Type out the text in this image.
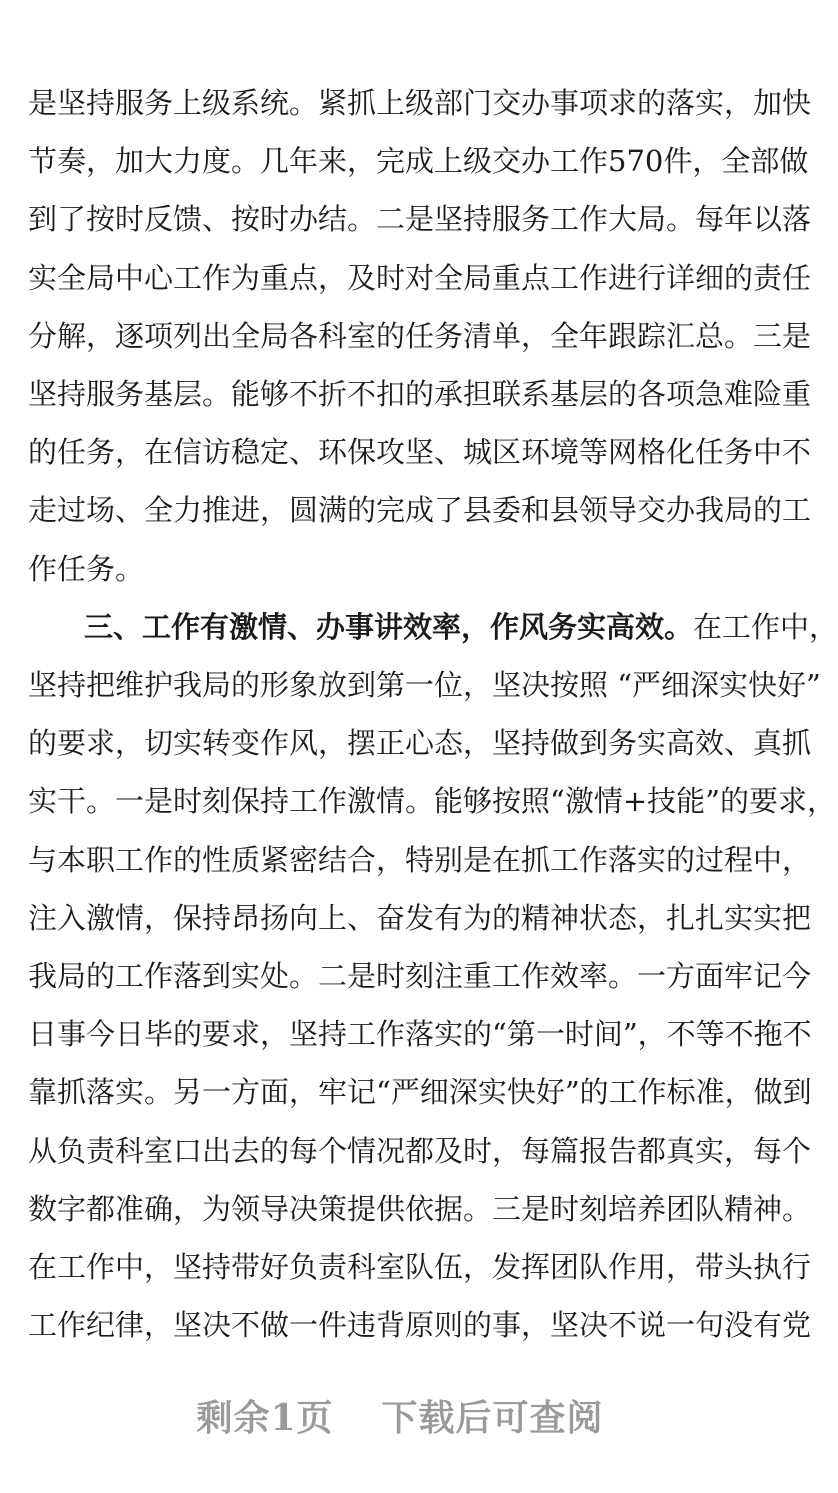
是坚持服务上级系统。紧抓上级部门交办事项求的落实，加快
节奏，加大力度。几年来，完成上级交办工作570件，全部做
到了按时反馈、按时办结。二是坚持服务工作大局。每年以落
实全局中心工作为重点，及时对全局重点工作进行详细的责任
分解，逐项列出全局各科室的任务清单，全年跟踪汇总。三是
坚持服务基层。能够不折不扣的承担联系基层的各项急难险重
的任务，在信访稳定、环保攻坚、城区环境等网格化任务中不
走过场、全力推进，圆满的完成了县委和县领导交办我局的工
作任务。
三、工作有激情、办事讲效率，作风务实高效。在工作中，
坚持把维护我局的形象放到第一位，坚决按照 “严细深实快好”
的要求，切实转变作风，摆正心态，坚持做到务实高效、真抓
实干。一是时刻保持工作激情。能够按照“激情+技能”的要求，
与本职工作的性质紧密结合，特别是在抓工作落实的过程中，
注入激情，保持昂扬向上、奋发有为的精神状态，扎扎实实把
我局的工作落到实处。二是时刻注重工作效率。一方面牢记今
日事今日毕的要求，坚持工作落实的“第一时间”，不等不拖不
靠抓落实。另一方面，牢记“严细深实快好”的工作标准，做到
从负责科室口出去的每个情况都及时，每篇报告都真实，每个
数字都准确，为领导决策提供依据。三是时刻培养团队精神。
在工作中，坚持带好负责科室队伍，发挥团队作用，带头执行
工作纪律，坚决不做一件违背原则的事，坚决不说一句没有党
剩余1页 下载后可查阅
